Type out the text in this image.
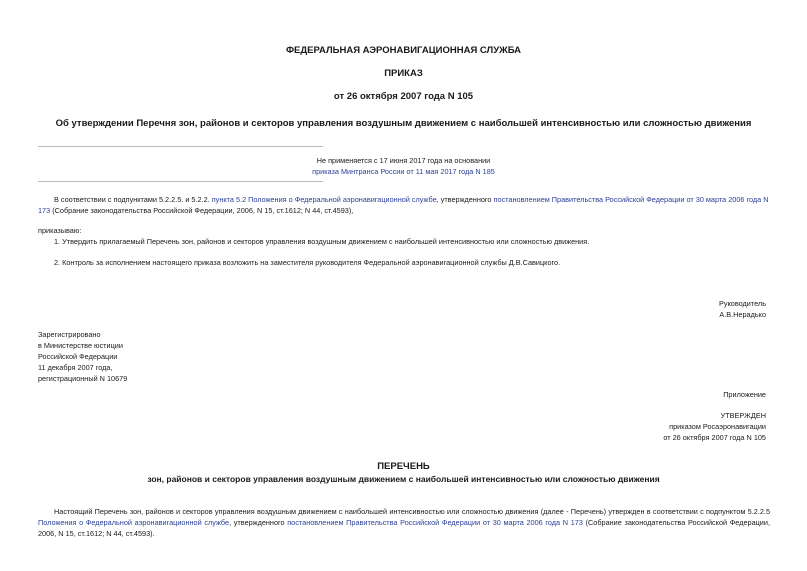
ФЕДЕРАЛЬНАЯ АЭРОНАВИГАЦИОННАЯ СЛУЖБА
ПРИКАЗ
от 26 октября 2007 года N 105
Об утверждении Перечня зон, районов и секторов управления воздушным движением с наибольшей интенсивностью или сложностью движения
Не применяется с 17 июня 2017 года на основании
приказа Минтранса России от 11 мая 2017 года N 185
В соответствии с подпунктами 5.2.2.5. и 5.2.2. пункта 5.2 Положения о Федеральной аэронавигационной службе, утвержденного постановлением Правительства Российской Федерации от 30 марта 2006 года N 173 (Собрание законодательства Российской Федерации, 2006, N 15, ст.1612; N 44, ст.4593),
приказываю:
1. Утвердить прилагаемый Перечень зон, районов и секторов управления воздушным движением с наибольшей интенсивностью или сложностью движения.
2. Контроль за исполнением настоящего приказа возложить на заместителя руководителя Федеральной аэронавигационной службы Д.В.Савицкого.
Руководитель
А.В.Нерадько
Зарегистрировано
в Министерстве юстиции
Российской Федерации
11 декабря 2007 года,
регистрационный N 10679
Приложение
УТВЕРЖДЕН
приказом Росаэронавигации
от 26 октября 2007 года N 105
ПЕРЕЧЕНЬ
зон, районов и секторов управления воздушным движением с наибольшей интенсивностью или сложностью движения
Настоящий Перечень зон, районов и секторов управления воздушным движением с наибольшей интенсивностью или сложностью движения (далее - Перечень) утвержден в соответствии с подпунктом 5.2.2.5 Положения о Федеральной аэронавигационной службе, утвержденного постановлением Правительства Российской Федерации от 30 марта 2006 года N 173 (Собрание законодательства Российской Федерации, 2006, N 15, ст.1612; N 44, ст.4593).
